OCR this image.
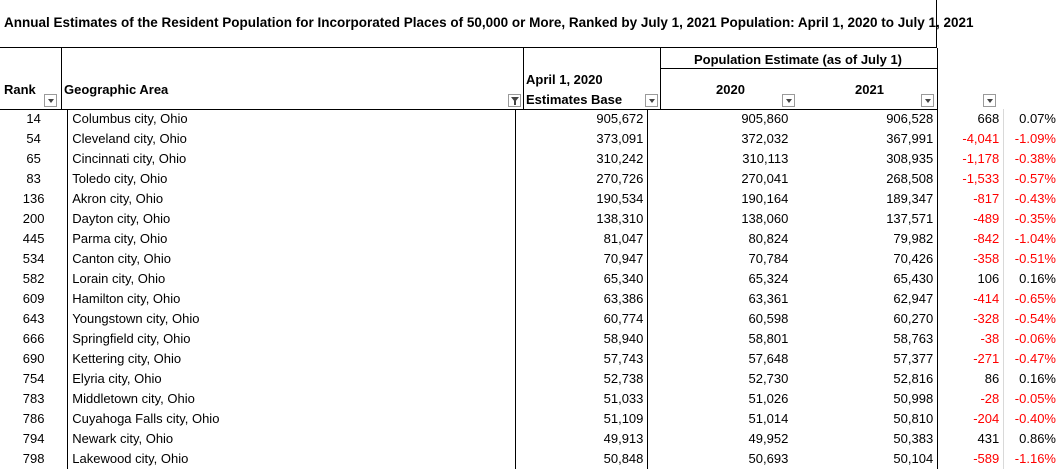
Annual Estimates of the Resident Population for Incorporated Places of 50,000 or More, Ranked by July 1, 2021 Population: April 1, 2020 to July 1, 2021
Population Estimate (as of July 1)
Rank Geographic Area
April 1, 2020
Estimates Base
2020	2021
14	Columbus city, Ohio	905,672	905,860	906,528	668	0.07%
54	Cleveland city, Ohio	373,091	372,032	367,991	-4,041	-1.09%
65	Cincinnati city, Ohio	310,242	310,113	308,935	-1,178	-0.38%
83	Toledo city, Ohio	270,726	270,041	268,508	-1,533	-0.57%
136	Akron city, Ohio	190,534	190,164	189,347	-817	-0.43%
200	Dayton city, Ohio	138,310	138,060	137,571	-489	-0.35%
445	Parma city, Ohio	81,047	80,824	79,982	-842	-1.04%
534	Canton city, Ohio	70,947	70,784	70,426	-358	-0.51%
582	Lorain city, Ohio	65,340	65,324	65,430	106	0.16%
609	Hamilton city, Ohio	63,386	63,361	62,947	-414	-0.65%
643	Youngstown city, Ohio	60,774	60,598	60,270	-328	-0.54%
666	Springfield city, Ohio	58,940	58,801	58,763	-38	-0.06%
690	Kettering city, Ohio	57,743	57,648	57,377	-271	-0.47%
754	Elyria city, Ohio	52,738	52,730	52,816	86	0.16%
783	Middletown city, Ohio	51,033	51,026	50,998	-28	-0.05%
786	Cuyahoga Falls city, Ohio	51,109	51,014	50,810	-204	-0.40%
794	Newark city, Ohio	49,913	49,952	50,383	431	0.86%
798	Lakewood city, Ohio	50,848	50,693	50,104	-589	-1.16%
